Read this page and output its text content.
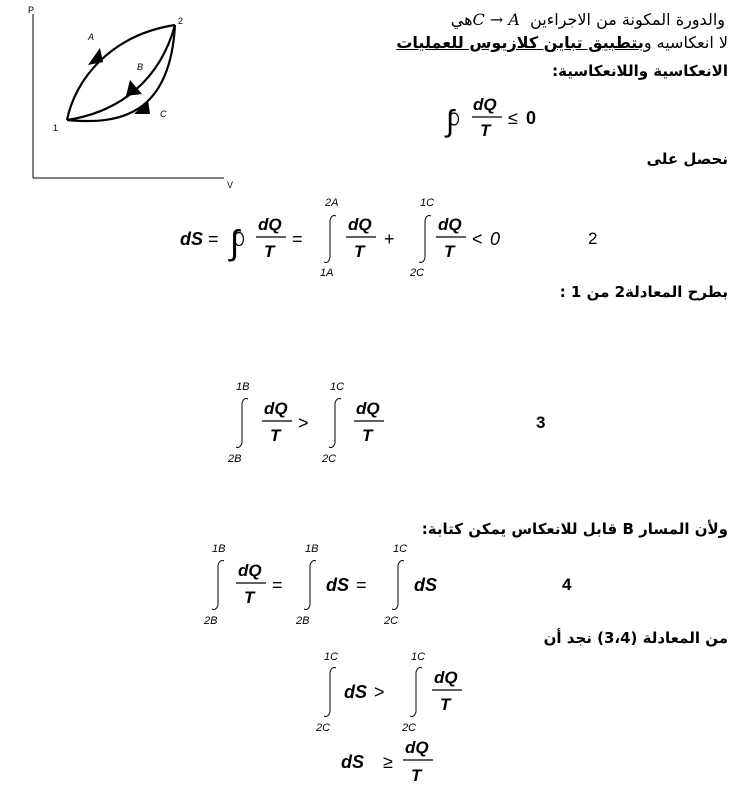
P
V
1
2
A
B
C
والدورة المكونة من الاجراءين C → A هي
لا انعكاسيه وبتطبيق تباين كلازيوس للعمليات
الانعكاسية واللانعكاسية:
∫
dQ
T
≤ 0
نحصل على
dS = ∫ dQ
T
=
2A
1A
dQ
T
+
1C
2C
dQ
T
< 0	2
بطرح المعادلة2 من 1 :
1B
2B
dQ
T
>
1C
2C
dQ
T
3
ولأن المسار B قابل للانعكاس يمكن كتابة:
1B
2B
dQ
T
=
1B
2B
dS =
1C
2C
dS	4
من المعادلة (3،4) نجد أن
1C
2C
dS >
1C
2C
dQ
T
dS ≥
dQ
T
